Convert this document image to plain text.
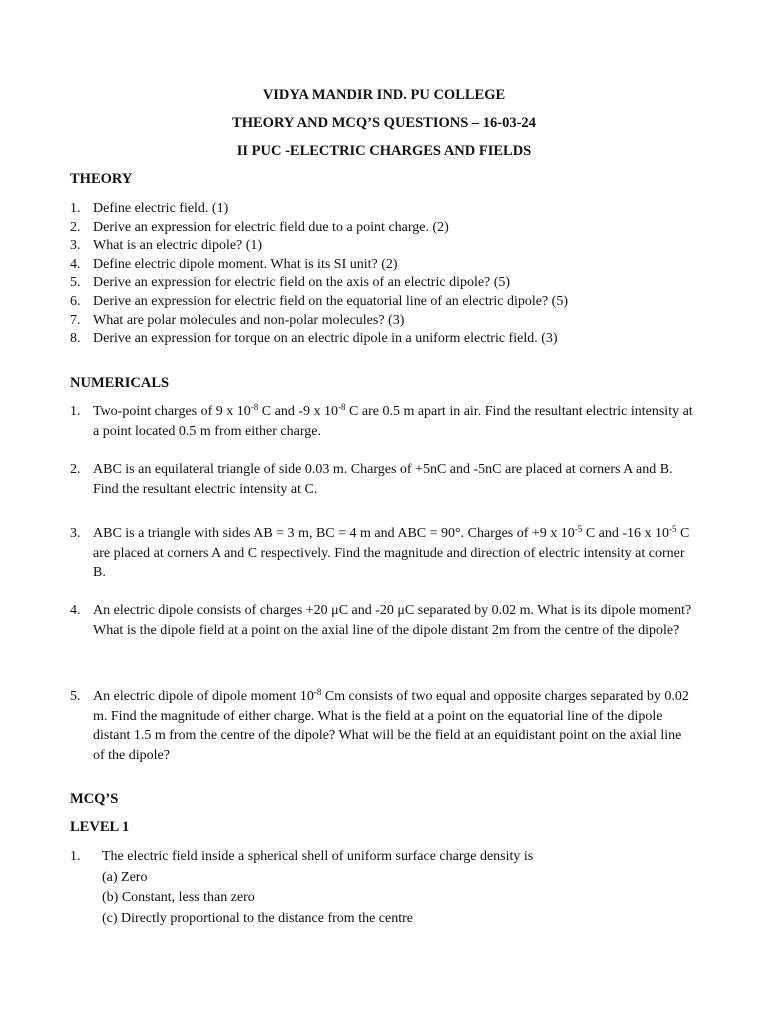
VIDYA MANDIR IND. PU COLLEGE
THEORY AND MCQ’S QUESTIONS – 16-03-24
II PUC -ELECTRIC CHARGES AND FIELDS
THEORY
1. Define electric field. (1)
2. Derive an expression for electric field due to a point charge. (2)
3. What is an electric dipole? (1)
4. Define electric dipole moment. What is its SI unit? (2)
5. Derive an expression for electric field on the axis of an electric dipole? (5)
6. Derive an expression for electric field on the equatorial line of an electric dipole? (5)
7. What are polar molecules and non-polar molecules? (3)
8. Derive an expression for torque on an electric dipole in a uniform electric field. (3)
NUMERICALS
1. Two-point charges of 9 x $10^{-8}$ C and -9 x $10^{-8}$ C are 0.5 m apart in air. Find the resultant electric intensity at a point located 0.5 m from either charge.
2. ABC is an equilateral triangle of side 0.03 m. Charges of +5nC and -5nC are placed at corners A and B. Find the resultant electric intensity at C.
3. ABC is a triangle with sides AB = 3 m, BC = 4 m and ABC = 90°. Charges of +9 x $10^{-5}$ C and -16 x $10^{-5}$ C are placed at corners A and C respectively. Find the magnitude and direction of electric intensity at corner B.
4. An electric dipole consists of charges +20 μC and -20 μC separated by 0.02 m. What is its dipole moment? What is the dipole field at a point on the axial line of the dipole distant 2m from the centre of the dipole?
5. An electric dipole of dipole moment $10^{-8}$ Cm consists of two equal and opposite charges separated by 0.02 m. Find the magnitude of either charge. What is the field at a point on the equatorial line of the dipole distant 1.5 m from the centre of the dipole? What will be the field at an equidistant point on the axial line of the dipole?
MCQ’S
LEVEL 1
1. The electric field inside a spherical shell of uniform surface charge density is
(a) Zero
(b) Constant, less than zero
(c) Directly proportional to the distance from the centre
